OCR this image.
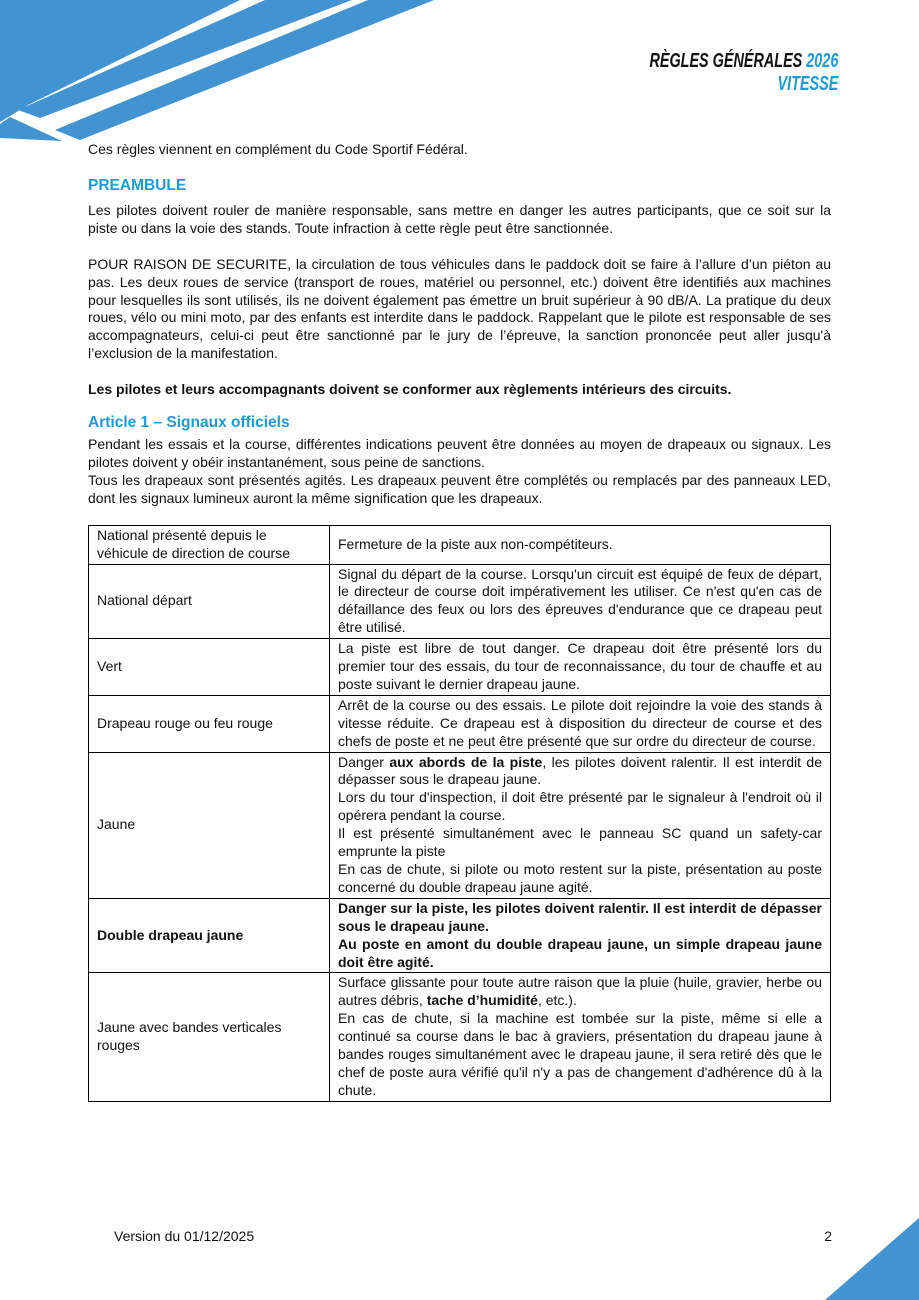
RÈGLES GÉNÉRALES 2026
VITESSE

Ces règles viennent en complément du Code Sportif Fédéral.

PREAMBULE

Les pilotes doivent rouler de manière responsable, sans mettre en danger les autres participants, que ce soit sur la piste ou dans la voie des stands. Toute infraction à cette règle peut être sanctionnée.

POUR RAISON DE SECURITE, la circulation de tous véhicules dans le paddock doit se faire à l’allure d’un piéton au pas. Les deux roues de service (transport de roues, matériel ou personnel, etc.) doivent être identifiés aux machines pour lesquelles ils sont utilisés, ils ne doivent également pas émettre un bruit supérieur à 90 dB/A. La pratique du deux roues, vélo ou mini moto, par des enfants est interdite dans le paddock. Rappelant que le pilote est responsable de ses accompagnateurs, celui-ci peut être sanctionné par le jury de l’épreuve, la sanction prononcée peut aller jusqu'à l’exclusion de la manifestation.

Les pilotes et leurs accompagnants doivent se conformer aux règlements intérieurs des circuits.

Article 1 – Signaux officiels

Pendant les essais et la course, différentes indications peuvent être données au moyen de drapeaux ou signaux. Les pilotes doivent y obéir instantanément, sous peine de sanctions.

Tous les drapeaux sont présentés agités. Les drapeaux peuvent être complétés ou remplacés par des panneaux LED, dont les signaux lumineux auront la même signification que les drapeaux.

National présenté depuis le véhicule de direction de course	Fermeture de la piste aux non-compétiteurs.

National départ	Signal du départ de la course. Lorsqu'un circuit est équipé de feux de départ, le directeur de course doit impérativement les utiliser. Ce n'est qu'en cas de défaillance des feux ou lors des épreuves d'endurance que ce drapeau peut être utilisé.

Vert	La piste est libre de tout danger. Ce drapeau doit être présenté lors du premier tour des essais, du tour de reconnaissance, du tour de chauffe et au poste suivant le dernier drapeau jaune.

Drapeau rouge ou feu rouge	Arrêt de la course ou des essais. Le pilote doit rejoindre la voie des stands à vitesse réduite. Ce drapeau est à disposition du directeur de course et des chefs de poste et ne peut être présenté que sur ordre du directeur de course.

Jaune	Danger aux abords de la piste, les pilotes doivent ralentir. Il est interdit de dépasser sous le drapeau jaune.
Lors du tour d'inspection, il doit être présenté par le signaleur à l'endroit où il opérera pendant la course.
Il est présenté simultanément avec le panneau SC quand un safety-car emprunte la piste
En cas de chute, si pilote ou moto restent sur la piste, présentation au poste concerné du double drapeau jaune agité.

Double drapeau jaune	Danger sur la piste, les pilotes doivent ralentir. Il est interdit de dépasser sous le drapeau jaune.
Au poste en amont du double drapeau jaune, un simple drapeau jaune doit être agité.

Jaune avec bandes verticales rouges	Surface glissante pour toute autre raison que la pluie (huile, gravier, herbe ou autres débris, tache d’humidité, etc.).
En cas de chute, si la machine est tombée sur la piste, même si elle a continué sa course dans le bac à graviers, présentation du drapeau jaune à bandes rouges simultanément avec le drapeau jaune, il sera retiré dès que le chef de poste aura vérifié qu'il n'y a pas de changement d'adhérence dû à la chute.
Version du 01/12/2025	2
